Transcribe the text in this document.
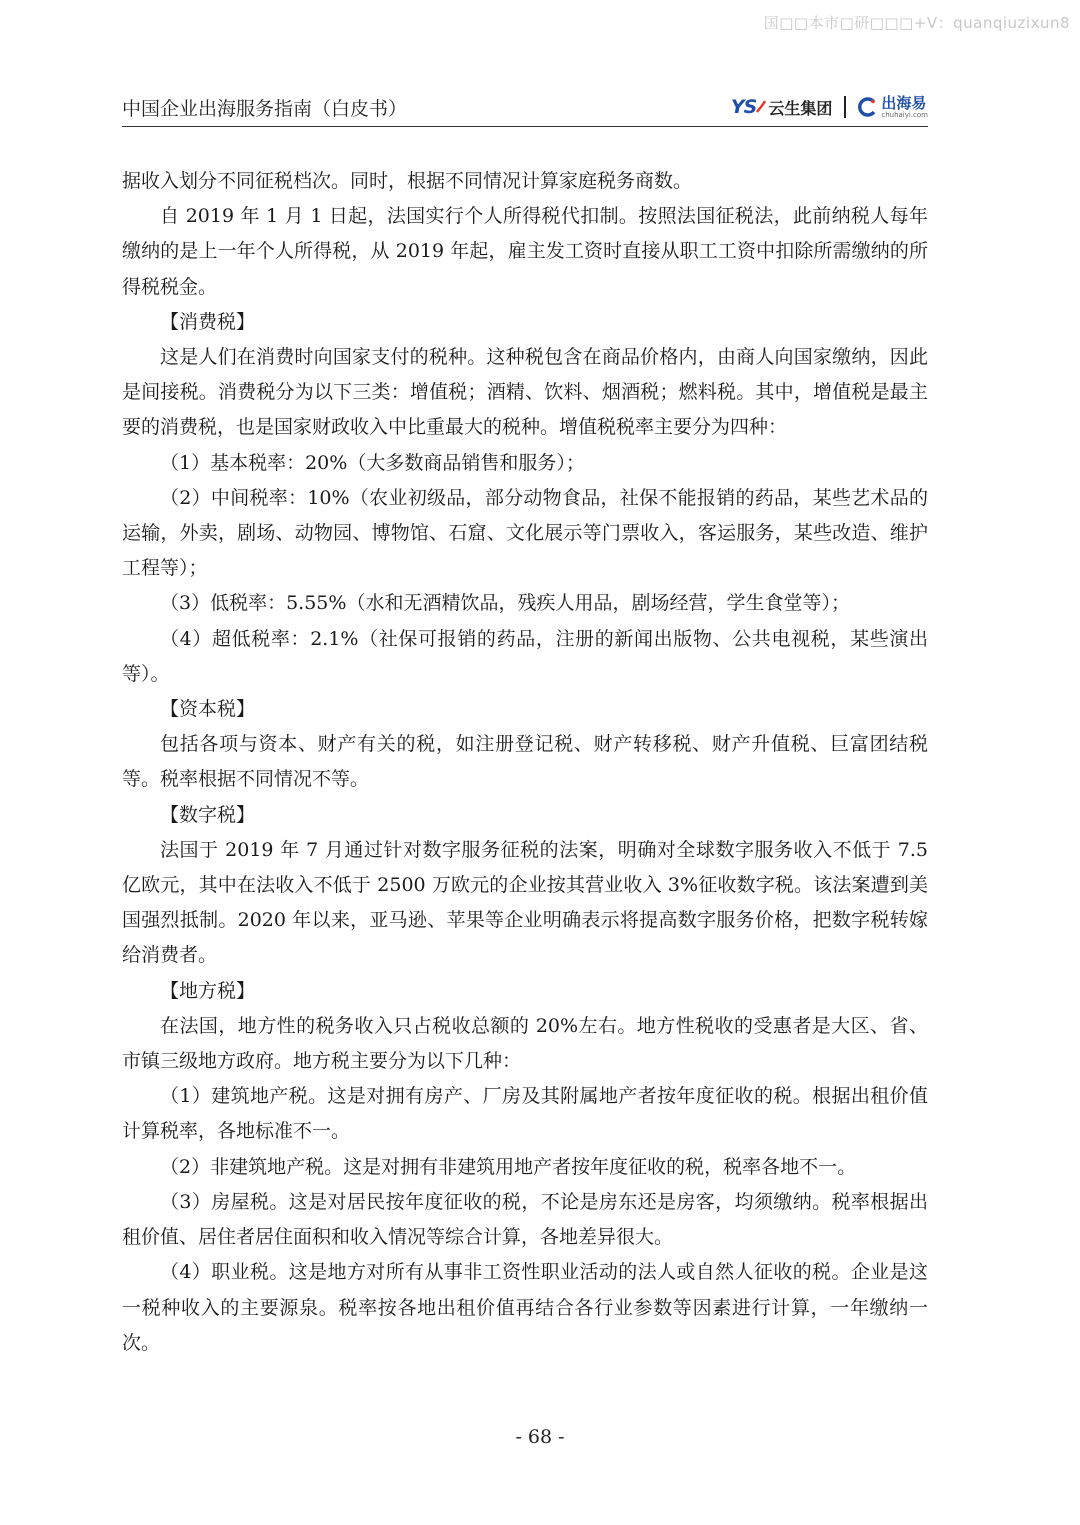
国□□本市□研□□□+V：quanqiuzixun8
中国企业出海服务指南（白皮书）	YS 云生集团	出海易
chuhaiyi.com

据收入划分不同征税档次。同时，根据不同情况计算家庭税务商数。

自 2019 年 1 月 1 日起，法国实行个人所得税代扣制。按照法国征税法，此前纳税人每年缴纳的是上一年个人所得税，从 2019 年起，雇主发工资时直接从职工工资中扣除所需缴纳的所得税税金。

【消费税】

这是人们在消费时向国家支付的税种。这种税包含在商品价格内，由商人向国家缴纳，因此是间接税。消费税分为以下三类：增值税；酒精、饮料、烟酒税；燃料税。其中，增值税是最主要的消费税，也是国家财政收入中比重最大的税种。增值税税率主要分为四种：

（1）基本税率：20%（大多数商品销售和服务）；

（2）中间税率：10%（农业初级品，部分动物食品，社保不能报销的药品，某些艺术品的运输，外卖，剧场、动物园、博物馆、石窟、文化展示等门票收入，客运服务，某些改造、维护工程等）；

（3）低税率：5.55%（水和无酒精饮品，残疾人用品，剧场经营，学生食堂等）；

（4）超低税率：2.1%（社保可报销的药品，注册的新闻出版物、公共电视税，某些演出等）。

【资本税】

包括各项与资本、财产有关的税，如注册登记税、财产转移税、财产升值税、巨富团结税等。税率根据不同情况不等。

【数字税】

法国于 2019 年 7 月通过针对数字服务征税的法案，明确对全球数字服务收入不低于 7.5 亿欧元，其中在法收入不低于 2500 万欧元的企业按其营业收入 3%征收数字税。该法案遭到美国强烈抵制。2020 年以来，亚马逊、苹果等企业明确表示将提高数字服务价格，把数字税转嫁给消费者。

【地方税】

在法国，地方性的税务收入只占税收总额的 20%左右。地方性税收的受惠者是大区、省、市镇三级地方政府。地方税主要分为以下几种：

（1）建筑地产税。这是对拥有房产、厂房及其附属地产者按年度征收的税。根据出租价值计算税率，各地标准不一。

（2）非建筑地产税。这是对拥有非建筑用地产者按年度征收的税，税率各地不一。

（3）房屋税。这是对居民按年度征收的税，不论是房东还是房客，均须缴纳。税率根据出租价值、居住者居住面积和收入情况等综合计算，各地差异很大。

（4）职业税。这是地方对所有从事非工资性职业活动的法人或自然人征收的税。企业是这一税种收入的主要源泉。税率按各地出租价值再结合各行业参数等因素进行计算，一年缴纳一次。

- 68 -
